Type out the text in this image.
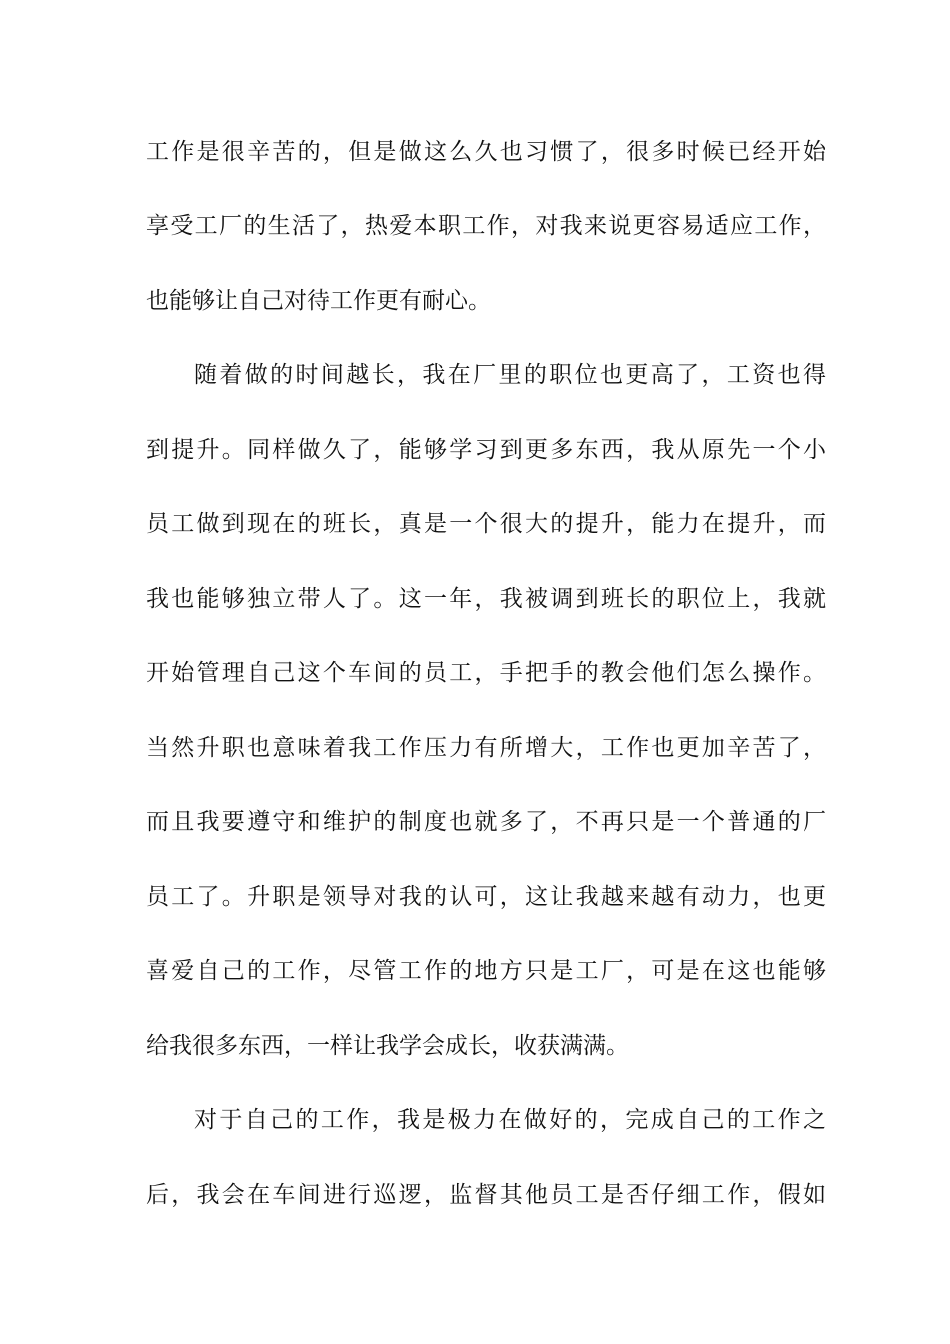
工作是很辛苦的，但是做这么久也习惯了，很多时候已经开始
享受工厂的生活了，热爱本职工作，对我来说更容易适应工作，
也能够让自己对待工作更有耐心。
随着做的时间越长，我在厂里的职位也更高了，工资也得
到提升。同样做久了，能够学习到更多东西，我从原先一个小
员工做到现在的班长，真是一个很大的提升，能力在提升，而
我也能够独立带人了。这一年，我被调到班长的职位上，我就
开始管理自己这个车间的员工，手把手的教会他们怎么操作。
当然升职也意味着我工作压力有所增大，工作也更加辛苦了，
而且我要遵守和维护的制度也就多了，不再只是一个普通的厂
员工了。升职是领导对我的认可，这让我越来越有动力，也更
喜爱自己的工作，尽管工作的地方只是工厂，可是在这也能够
给我很多东西，一样让我学会成长，收获满满。
对于自己的工作，我是极力在做好的，完成自己的工作之
后，我会在车间进行巡逻，监督其他员工是否仔细工作，假如
